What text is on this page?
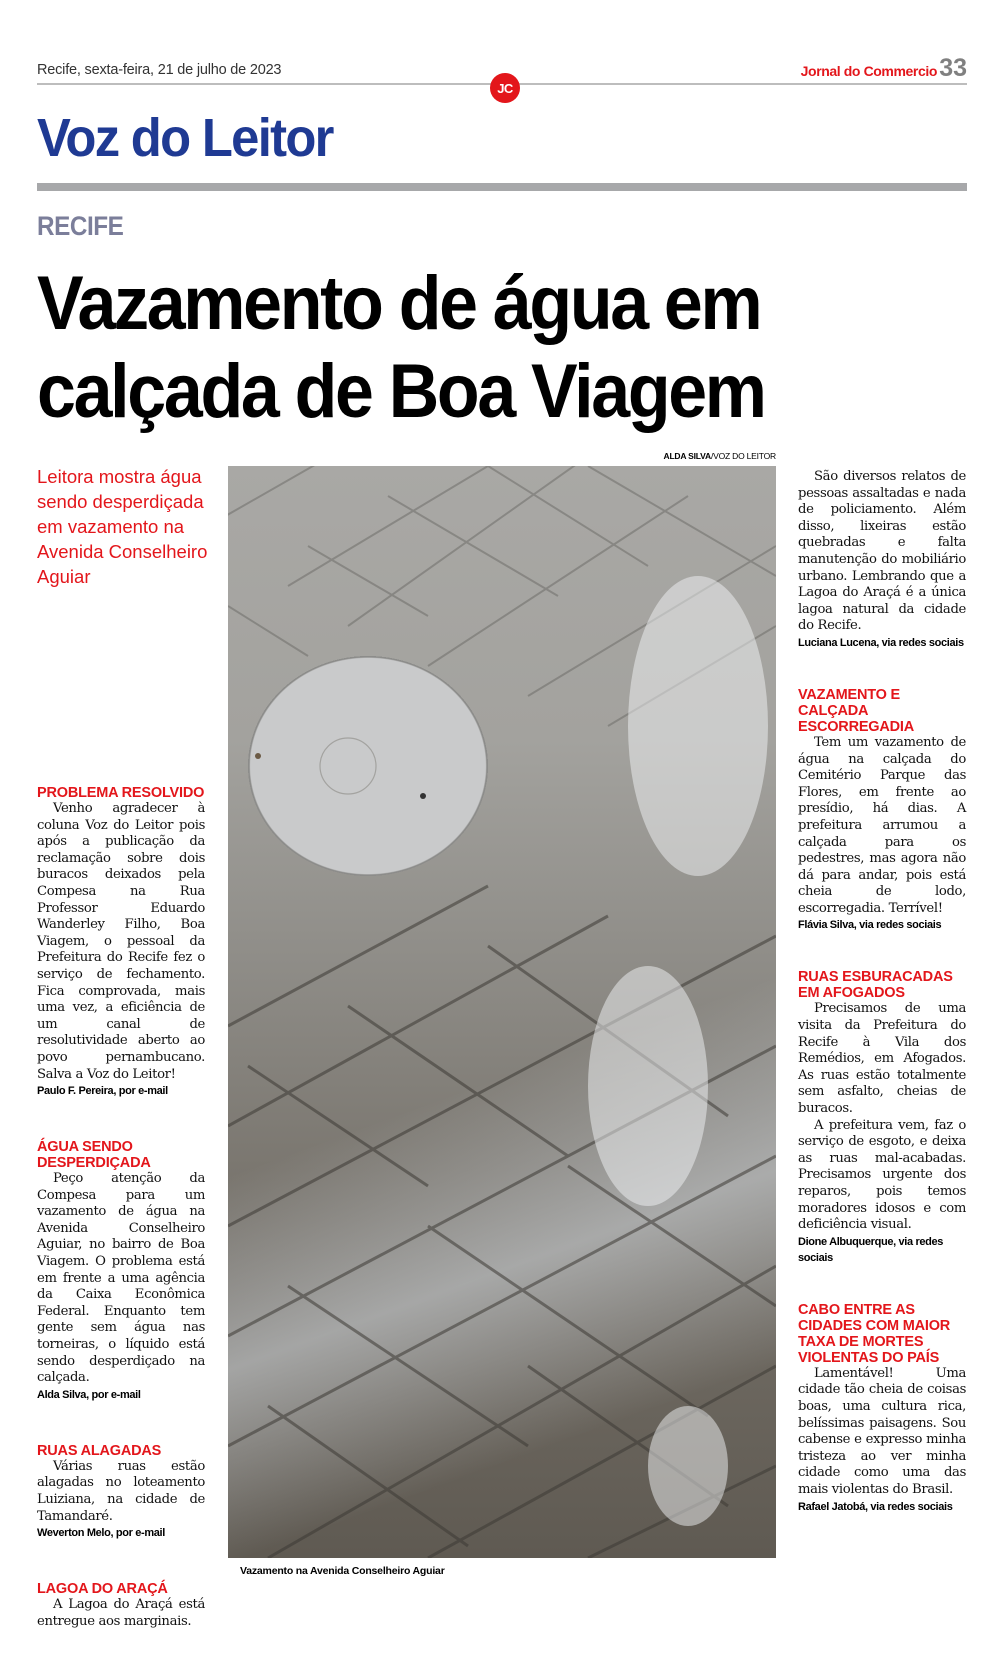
Recife, sexta-feira, 21 de julho de 2023
JC
Jornal do Commercio 33
Voz do Leitor
RECIFE
Vazamento de água em
calçada de Boa Viagem
Leitora mostra água sendo desperdiçada em vazamento na Avenida Conselheiro Aguiar
ALDA SILVA/VOZ DO LEITOR
Vazamento na Avenida Conselheiro Aguiar
PROBLEMA RESOLVIDO

Venho agradecer à coluna Voz do Leitor pois após a publicação da reclamação sobre dois buracos deixados pela Compesa na Rua Professor Eduardo Wanderley Filho, Boa Viagem, o pessoal da Prefeitura do Recife fez o serviço de fechamento. Fica comprovada, mais uma vez, a eficiência de um canal de resolutividade aberto ao povo pernambucano. Salva a Voz do Leitor!

Paulo F. Pereira, por e-mail
ÁGUA SENDO DESPERDIÇADA

Peço atenção da Compesa para um vazamento de água na Avenida Conselheiro Aguiar, no bairro de Boa Viagem. O problema está em frente a uma agência da Caixa Econômica Federal. Enquanto tem gente sem água nas torneiras, o líquido está sendo desperdiçado na calçada.

Alda Silva, por e-mail
RUAS ALAGADAS

Várias ruas estão alagadas no loteamento Luiziana, na cidade de Tamandaré.

Weverton Melo, por e-mail
LAGOA DO ARAÇÁ

A Lagoa do Araçá está entregue aos marginais.

São diversos relatos de pessoas assaltadas e nada de policiamento. Além disso, lixeiras estão quebradas e falta manutenção do mobiliário urbano. Lembrando que a Lagoa do Araçá é a única lagoa natural da cidade do Recife.

Luciana Lucena, via redes sociais
VAZAMENTO E CALÇADA ESCORREGADIA

Tem um vazamento de água na calçada do Cemitério Parque das Flores, em frente ao presídio, há dias. A prefeitura arrumou a calçada para os pedestres, mas agora não dá para andar, pois está cheia de lodo, escorregadia. Terrível!

Flávia Silva, via redes sociais
RUAS ESBURACADAS EM AFOGADOS

Precisamos de uma visita da Prefeitura do Recife à Vila dos Remédios, em Afogados. As ruas estão totalmente sem asfalto, cheias de buracos.

A prefeitura vem, faz o serviço de esgoto, e deixa as ruas mal-acabadas. Precisamos urgente dos reparos, pois temos moradores idosos e com deficiência visual.

Dione Albuquerque, via redes sociais
CABO ENTRE AS CIDADES COM MAIOR TAXA DE MORTES VIOLENTAS DO PAÍS

Lamentável! Uma cidade tão cheia de coisas boas, uma cultura rica, belíssimas paisagens. Sou cabense e expresso minha tristeza ao ver minha cidade como uma das mais violentas do Brasil.

Rafael Jatobá, via redes sociais
